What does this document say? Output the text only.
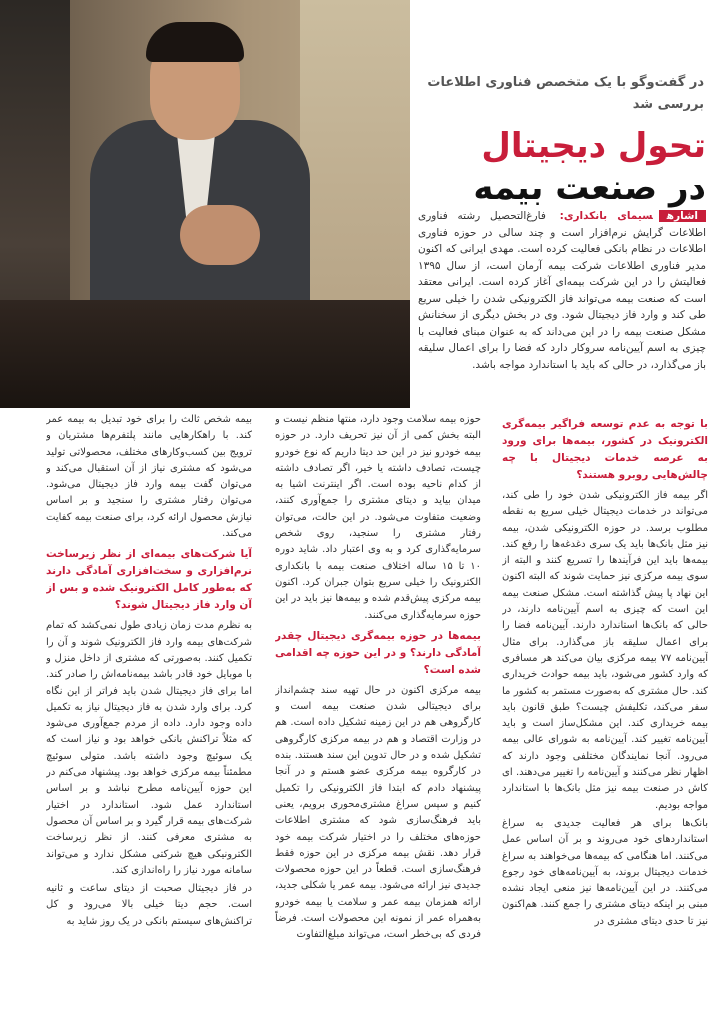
در گفت‌وگو با یک متخصص فناوری اطلاعات بررسی شد
تحول دیجیتال
در صنعت بیمه
اشارهسیمای بانکداری: فارغ‌التحصیل رشته فناوری اطلاعات گرایش نرم‌افزار است و چند سالی در حوزه فناوری اطلاعات در نظام بانکی فعالیت کرده است. مهدی ایرانی که اکنون مدیر فناوری اطلاعات شرکت بیمه آرمان است، از سال ۱۳۹۵ فعالیتش را در این شرکت بیمه‌ای آغاز کرده است. ایرانی معتقد است که صنعت بیمه می‌تواند فاز الکترونیکی شدن را خیلی سریع طی کند و وارد فاز دیجیتال شود. وی در بخش دیگری از سخنانش مشکل صنعت بیمه را در این می‌داند که به عنوان مبنای فعالیت با چیزی به اسم آیین‌نامه سروکار دارد که فضا را برای اعمال سلیقه باز می‌گذارد، در حالی که باید با استاندارد مواجه باشد.

با توجه به عدم توسعه فراگیر بیمه‌گری الکترونیک در کشور، بیمه‌ها برای ورود به عرصه خدمات دیجیتال با چه چالش‌هایی روبرو هستند؟

اگر بیمه فاز الکترونیکی شدن خود را طی کند، می‌تواند در خدمات دیجیتال خیلی سریع به نقطه مطلوب برسد. در حوزه الکترونیکی شدن، بیمه نیز مثل بانک‌ها باید یک سری دغدغه‌ها را رفع کند. بیمه‌ها باید این فرآیندها را تسریع کنند و البته از سوی بیمه مرکزی نیز حمایت شوند که البته اکنون این نهاد پا پیش گذاشته است. مشکل صنعت بیمه این است که چیزی به اسم آیین‌نامه دارند، در حالی که بانک‌ها استاندارد دارند. آیین‌نامه فضا را برای اعمال سلیقه باز می‌گذارد. برای مثال آیین‌نامه ۷۷ بیمه مرکزی بیان می‌کند هر مسافری که وارد کشور می‌شود، باید بیمه حوادث خریداری کند. حال مشتری که به‌صورت مستمر به کشور ما سفر می‌کند، تکلیفش چیست؟ طبق قانون باید بیمه خریداری کند. این مشکل‌ساز است و باید آیین‌نامه تغییر کند. آیین‌نامه به شورای عالی بیمه می‌رود. آنجا نمایندگان مختلفی وجود دارند که اظهار نظر می‌کنند و آیین‌نامه را تغییر می‌دهند. ای کاش در صنعت بیمه نیز مثل بانک‌ها با استاندارد مواجه بودیم.

بانک‌ها برای هر فعالیت جدیدی به سراغ استانداردهای خود می‌روند و بر آن اساس عمل می‌کنند. اما هنگامی که بیمه‌ها می‌خواهند به سراغ خدمات دیجیتال بروند، به آیین‌نامه‌های خود رجوع می‌کنند. در این آیین‌نامه‌ها نیز منعی ایجاد نشده مبنی بر اینکه دیتای مشتری را جمع کنند. هم‌اکنون نیز تا حدی دیتای مشتری در

حوزه بیمه سلامت وجود دارد، منتها منظم نیست و البته بخش کمی از آن نیز تحریف دارد. در حوزه بیمه خودرو نیز در این حد دیتا داریم که نوع خودرو چیست، تصادف داشته یا خیر، اگر تصادف داشته از کدام ناحیه بوده است. اگر اینترنت اشیا به میدان بیاید و دیتای مشتری را جمع‌آوری کنند، وضعیت متفاوت می‌شود. در این حالت، می‌توان رفتار مشتری را سنجید، روی شخص سرمایه‌گذاری کرد و به وی اعتبار داد. شاید دوره ۱۰ تا ۱۵ ساله اختلاف صنعت بیمه با بانکداری الکترونیک را خیلی سریع بتوان جبران کرد. اکنون بیمه مرکزی پیش‌قدم شده و بیمه‌ها نیز باید در این حوزه سرمایه‌گذاری می‌کنند.

بیمه‌ها در حوزه بیمه‌گری دیجیتال چقدر آمادگی دارند؟ و در این حوزه چه اقدامی شده است؟

بیمه مرکزی اکنون در حال تهیه سند چشم‌انداز برای دیجیتالی شدن صنعت بیمه است و کارگروهی هم در این زمینه تشکیل داده است. هم در وزارت اقتصاد و هم در بیمه مرکزی کارگروهی تشکیل شده و در حال تدوین این سند هستند. بنده در کارگروه بیمه مرکزی عضو هستم و در آنجا پیشنهاد دادم که ابتدا فاز الکترونیکی را تکمیل کنیم و سپس سراغ مشتری‌محوری برویم، یعنی باید فرهنگ‌سازی شود که مشتری اطلاعات حوزه‌های مختلف را در اختیار شرکت بیمه خود قرار دهد. نقش بیمه مرکزی در این حوزه فقط فرهنگ‌سازی است. قطعاً در این حوزه محصولات جدیدی نیز ارائه می‌شود. بیمه عمر یا شکلی جدید، ارائه همزمان بیمه عمر و سلامت یا بیمه خودرو به‌همراه عمر از نمونه این محصولات است. فرضاً فردی که بی‌خطر است، می‌تواند مبلغ‌التفاوت

بیمه شخص ثالث را برای خود تبدیل به بیمه عمر کند. با راهکارهایی مانند پلتفرم‌ها مشتریان و ترویج بین کسب‌وکارهای مختلف، محصولاتی تولید می‌شود که مشتری نیاز از آن استقبال می‌کند و می‌توان گفت بیمه وارد فاز دیجیتال می‌شود. می‌توان رفتار مشتری را سنجید و بر اساس نیازش محصول ارائه کرد، برای صنعت بیمه کفایت می‌کند.

آیا شرکت‌های بیمه‌ای از نظر زیرساخت نرم‌افزاری و سخت‌افزاری آمادگی دارند که به‌طور کامل الکترونیک شده و بس از آن وارد فاز دیجیتال شوند؟

به نظرم مدت زمان زیادی طول نمی‌کشد که تمام شرکت‌های بیمه وارد فاز الکترونیک شوند و آن را تکمیل کنند. به‌صورتی که مشتری از داخل منزل و با موبایل خود قادر باشد بیمه‌نامه‌اش را صادر کند. اما برای فاز دیجیتال شدن باید فراتر از این نگاه کرد. برای وارد شدن به فاز دیجیتال نیاز به تکمیل داده وجود دارد. داده از مردم جمع‌آوری می‌شود که مثلاً تراکنش بانکی خواهد بود و نیاز است که یک سوئیچ وجود داشته باشد. متولی سوئیچ مطمئناً بیمه مرکزی خواهد بود. پیشنهاد می‌کنم در این حوزه آیین‌نامه مطرح نباشد و بر اساس استاندارد عمل شود. استاندارد در اختیار شرکت‌های بیمه قرار گیرد و بر اساس آن محصول به مشتری معرفی کنند. از نظر زیرساخت الکترونیکی هیچ شرکتی مشکل ندارد و می‌تواند سامانه مورد نیاز را راه‌اندازی کند.

در فاز دیجیتال صحبت از دیتای ساعت و ثانیه است. حجم دیتا خیلی بالا می‌رود و کل تراکنش‌های سیستم بانکی در یک روز شاید به
